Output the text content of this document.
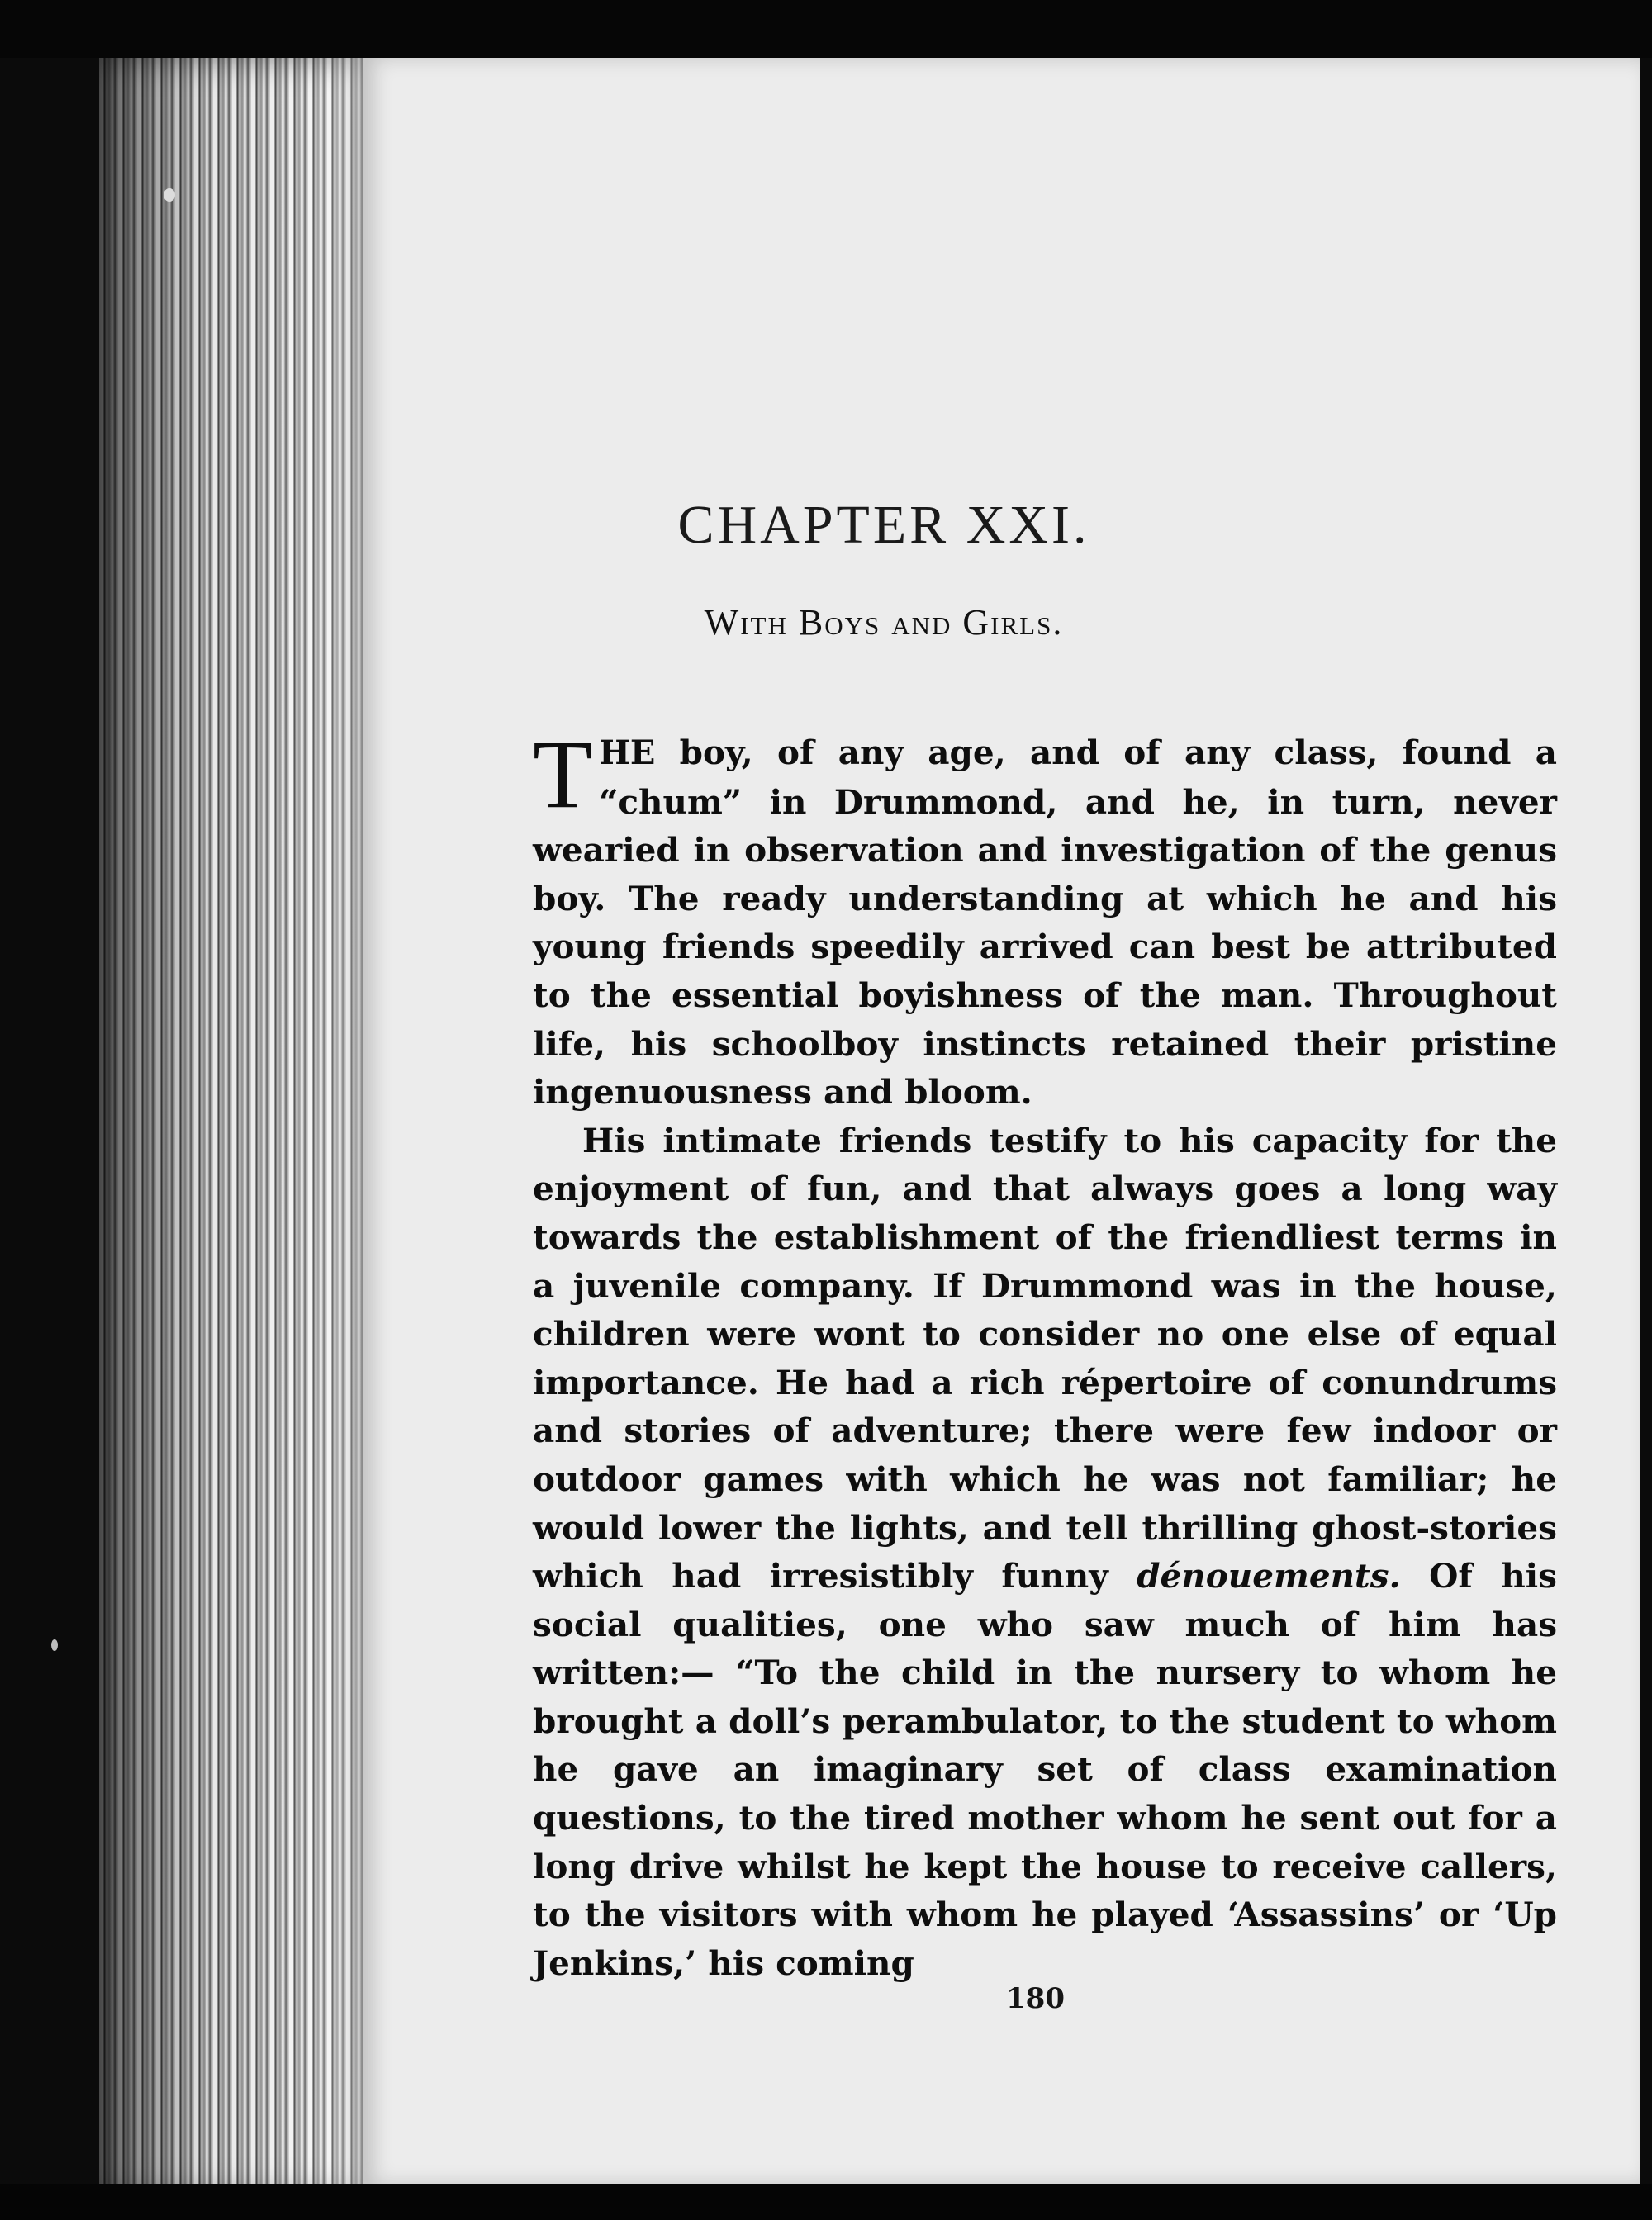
CHAPTER XXI.
With Boys and Girls.

THE boy, of any age, and of any class, found a “chum” in Drummond, and he, in turn, never wearied in observation and investigation of the genus boy. The ready understanding at which he and his young friends speedily arrived can best be attributed to the essential boyishness of the man. Throughout life, his schoolboy instincts retained their pristine ingenuousness and bloom.

His intimate friends testify to his capacity for the enjoyment of fun, and that always goes a long way towards the establishment of the friendliest terms in a juvenile company. If Drummond was in the house, children were wont to consider no one else of equal importance. He had a rich répertoire of conundrums and stories of adventure; there were few indoor or outdoor games with which he was not familiar; he would lower the lights, and tell thrilling ghost-stories which had irresistibly funny dénouements. Of his social qualities, one who saw much of him has written:— “To the child in the nursery to whom he brought a doll’s perambulator, to the student to whom he gave an imaginary set of class examination questions, to the tired mother whom he sent out for a long drive whilst he kept the house to receive callers, to the visitors with whom he played ‘Assassins’ or ‘Up Jenkins,’ his coming

180
